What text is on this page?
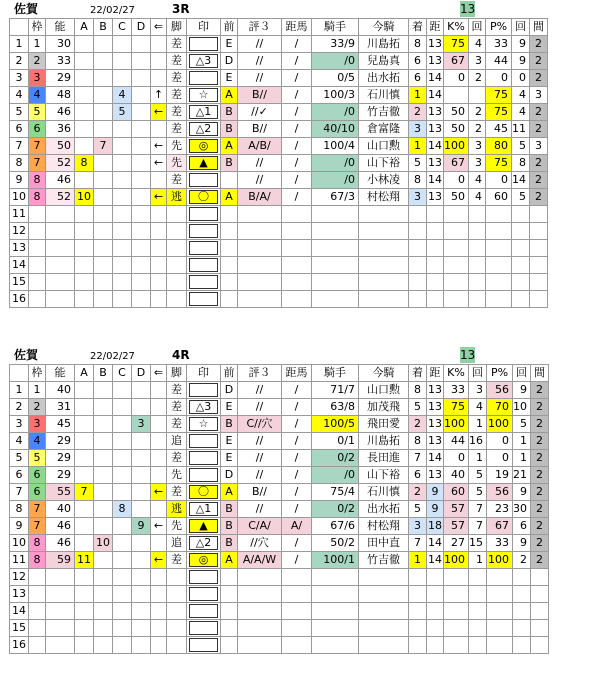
佐賀	22/02/27	3R	13
	枠	能	A	B	C	D	⇐	脚	印	前	評３	距馬	騎手	今騎	着	距	K%	回	P%	回	間
1	1	30						差		E	//	/	33/9	川島拓	8	13	75	4	33	9	2
2	2	33						差	△3	D	//	/	/0	兒島真	6	13	67	3	44	9	2
3	3	29						差		E	//	/	0/5	出水拓	6	14	0	2	0	0	2
4	4	48			4		↑	差	☆	A	B//	/	100/3	石川慎	1	14			75	4	3
5	5	46			5		←	差	△1	B	//✓	/	/0	竹吉徹	2	13	50	2	75	4	2
6	6	36						差	△2	B	B//	/	40/10	倉富隆	3	13	50	2	45	11	2
7	7	50		7			←	先	◎	A	A/B/	/	100/4	山口勲	1	14	100	3	80	5	3
8	7	52	8				←	先	▲	B	//	/	/0	山下裕	5	13	67	3	75	8	2
9	8	46						差			//	/	/0	小林凌	8	14	0	4	0	14	2
10	8	52	10				←	逃	〇	A	B/A/	/	67/3	村松翔	3	13	50	4	60	5	2
11									

12									

13									

14									

15									

16									

佐賀	22/02/27	4R	13
	枠	能	A	B	C	D	⇐	脚	印	前	評３	距馬	騎手	今騎	着	距	K%	回	P%	回	間
1	1	40						差		D	//	/	71/7	山口勲	8	13	33	3	56	9	2
2	2	31						差	△3	E	//	/	63/8	加茂飛	5	13	75	4	70	10	2
3	3	45				3		差	☆	B	C//穴	/	100/5	飛田愛	2	13	100	1	100	5	2
4	4	29						追		E	//	/	0/1	川島拓	8	13	44	16	0	1	2
5	5	29						差		E	//	/	0/2	長田進	7	14	0	1	0	1	2
6	6	29						先		D	//	/	/0	山下裕	6	13	40	5	19	21	2
7	6	55	7				←	差	〇	A	B//	/	75/4	石川慎	2	9	60	5	56	9	2
8	7	40			8			逃	△1	B	//	/	0/2	出水拓	5	9	57	7	23	30	2
9	7	46				9	←	先	▲	B	C/A/	A/	67/6	村松翔	3	18	57	7	67	6	2
10	8	46		10				追	△2	B	//穴	/	50/2	田中直	7	14	27	15	33	9	2
11	8	59	11				←	差	◎	A	A/A/W	/	100/1	竹吉徹	1	14	100	1	100	2	2
12									

13									

14									

15									

16									
